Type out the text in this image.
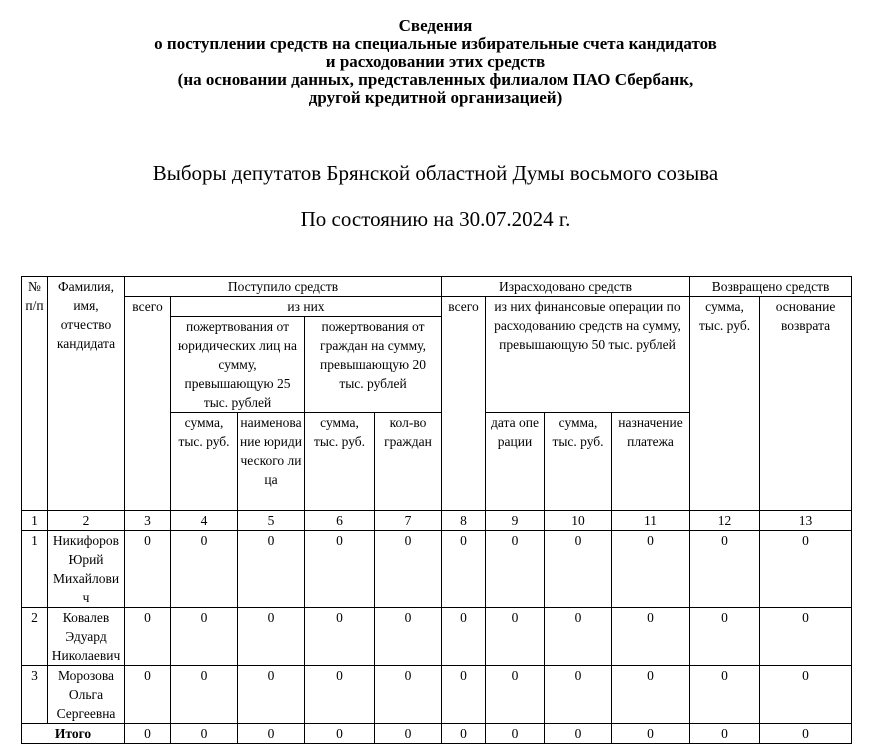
Сведения
о поступлении средств на специальные избирательные счета кандидатов
и расходовании этих средств
(на основании данных, представленных филиалом ПАО Сбербанк,
другой кредитной организацией)
Выборы депутатов Брянской областной Думы восьмого созыва
По состоянию на 30.07.2024 г.
№ п/п	Фамилия, имя, отчество кандидата	Поступило средств					Израсходовано средств				Возвращено средств	
		всего	из них				всего	из них финансовые операции по расходованию средств на сумму, превышающую 50 тыс. рублей			сумма, тыс. руб.	основание возврата
			пожертвования от юридических лиц на сумму, превышающую 25 тыс. рублей		пожертвования от граждан на сумму, превышающую 20 тыс. рублей							
			сумма, тыс. руб.	наименование юридического лица	сумма, тыс. руб.	кол-во граждан		дата операции	сумма, тыс. руб.	назначение платежа		
1	2	3	4	5	6	7	8	9	10	11	12	13
1	Никифоров Юрий Михайлович	0	0	0	0	0	0	0	0	0	0	0
2	Ковалев Эдуард Николаевич	0	0	0	0	0	0	0	0	0	0	0
3	Морозова Ольга Сергеевна	0	0	0	0	0	0	0	0	0	0	0
Итого		0	0	0	0	0	0	0	0	0	0	0
